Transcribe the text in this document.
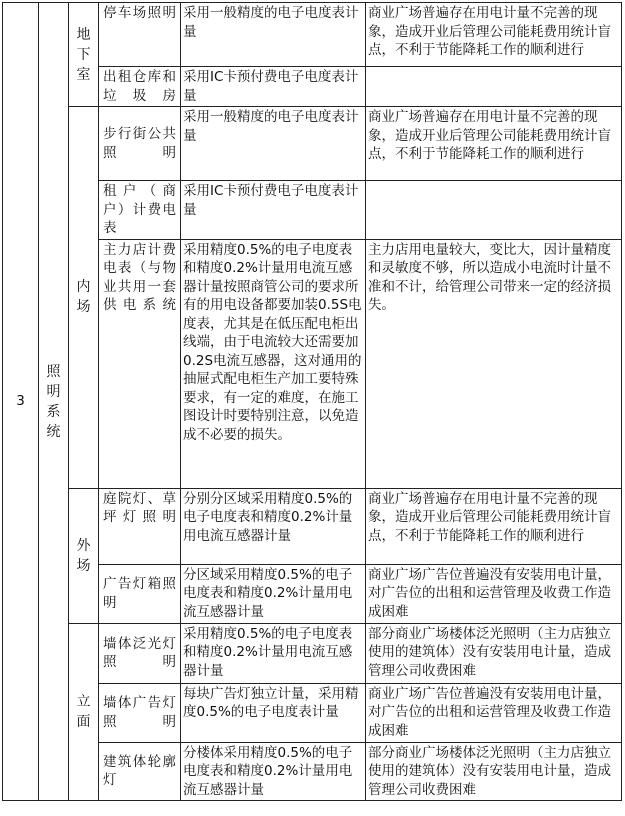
3	照明系统	地下室	停车场照明	采用一般精度的电子电度表计量	商业广场普遍存在用电计量不完善的现象，造成开业后管理公司能耗费用统计盲点，不利于节能降耗工作的顺利进行
			出租仓库和垃圾房	采用IC卡预付费电子电度表计量	
		内场	步行街公共照明	采用一般精度的电子电度表计量	商业广场普遍存在用电计量不完善的现象，造成开业后管理公司能耗费用统计盲点，不利于节能降耗工作的顺利进行
			租户（商户）计费电表	采用IC卡预付费电子电度表计量	
			主力店计费电表（与物业共用一套供电系统	采用精度0.5%的电子电度表和精度0.2%计量用电流互感器计量按照商管公司的要求所有的用电设备都要加装0.5S电度表，尤其是在低压配电柜出线端，由于电流较大还需要加0.2S电流互感器，这对通用的抽屉式配电柜生产加工要特殊要求，有一定的难度，在施工图设计时要特别注意，以免造成不必要的损失。	主力店用电量较大，变比大，因计量精度和灵敏度不够，所以造成小电流时计量不准和不计，给管理公司带来一定的经济损失。
		外场	庭院灯、草坪灯照明	分别分区域采用精度0.5%的电子电度表和精度0.2%计量用电流互感器计量	商业广场普遍存在用电计量不完善的现象，造成开业后管理公司能耗费用统计盲点，不利于节能降耗工作的顺利进行
			广告灯箱照明	分区域采用精度0.5%的电子电度表和精度0.2%计量用电流互感器计量	商业广场广告位普遍没有安装用电计量，对广告位的出租和运营管理及收费工作造成困难
		立面	墙体泛光灯照明	采用精度0.5%的电子电度表和精度0.2%计量用电流互感器计量	部分商业广场楼体泛光照明（主力店独立使用的建筑体）没有安装用电计量，造成管理公司收费困难
			墙体广告灯照明	每块广告灯独立计量，采用精度0.5%的电子电度表计量	商业广场广告位普遍没有安装用电计量，对广告位的出租和运营管理及收费工作造成困难
			建筑体轮廓灯	分楼体采用精度0.5%的电子电度表和精度0.2%计量用电流互感器计量	部分商业广场楼体泛光照明（主力店独立使用的建筑体）没有安装用电计量，造成管理公司收费困难
